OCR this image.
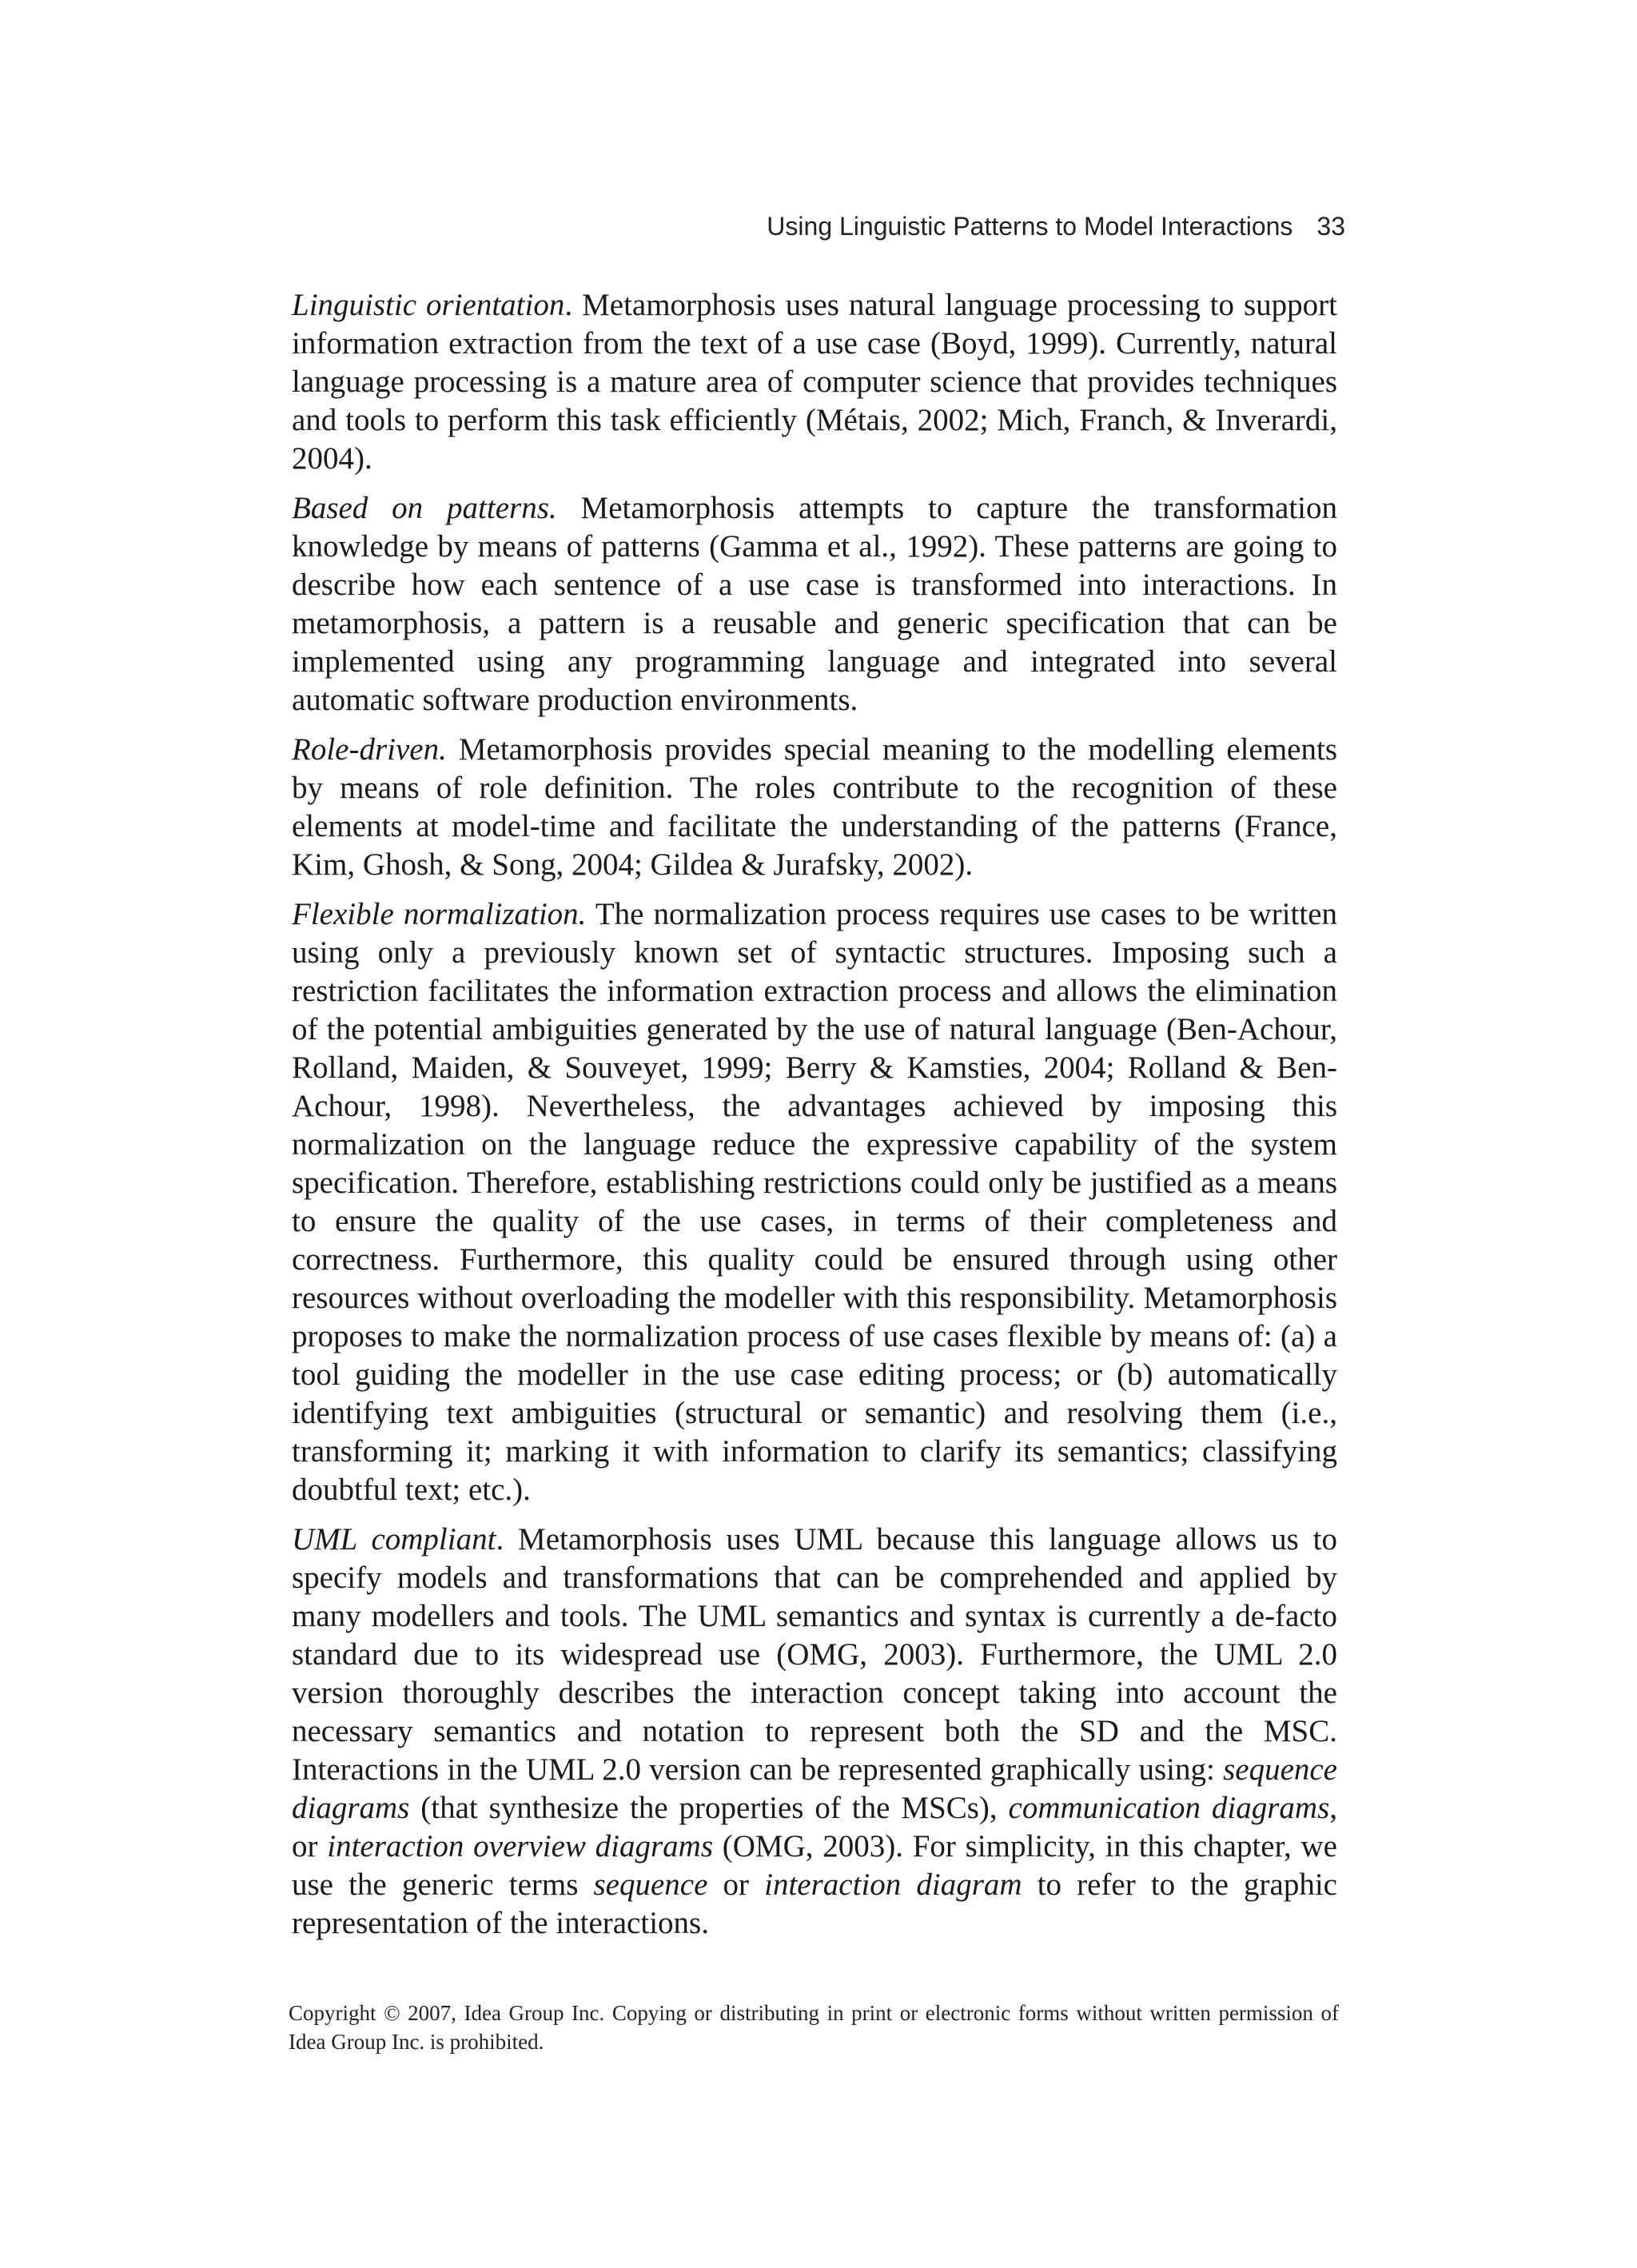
Using Linguistic Patterns to Model Interactions 33

Linguistic orientation. Metamorphosis uses natural language processing to support information extraction from the text of a use case (Boyd, 1999). Currently, natural language processing is a mature area of computer science that provides techniques and tools to perform this task efficiently (Métais, 2002; Mich, Franch, & Inverardi, 2004).

Based on patterns. Metamorphosis attempts to capture the transformation knowledge by means of patterns (Gamma et al., 1992). These patterns are going to describe how each sentence of a use case is transformed into interactions. In metamorphosis, a pattern is a reusable and generic specification that can be implemented using any programming language and integrated into several automatic software production environments.

Role-driven. Metamorphosis provides special meaning to the modelling elements by means of role definition. The roles contribute to the recognition of these elements at model-time and facilitate the understanding of the patterns (France, Kim, Ghosh, & Song, 2004; Gildea & Jurafsky, 2002).

Flexible normalization. The normalization process requires use cases to be written using only a previously known set of syntactic structures. Imposing such a restriction facilitates the information extraction process and allows the elimination of the potential ambiguities generated by the use of natural language (Ben-Achour, Rolland, Maiden, & Souveyet, 1999; Berry & Kamsties, 2004; Rolland & Ben-Achour, 1998). Nevertheless, the advantages achieved by imposing this normalization on the language reduce the expressive capability of the system specification. Therefore, establishing restrictions could only be justified as a means to ensure the quality of the use cases, in terms of their completeness and correctness. Furthermore, this quality could be ensured through using other resources without overloading the modeller with this responsibility. Metamorphosis proposes to make the normalization process of use cases flexible by means of: (a) a tool guiding the modeller in the use case editing process; or (b) automatically identifying text ambiguities (structural or semantic) and resolving them (i.e., transforming it; marking it with information to clarify its semantics; classifying doubtful text; etc.).

UML compliant. Metamorphosis uses UML because this language allows us to specify models and transformations that can be comprehended and applied by many modellers and tools. The UML semantics and syntax is currently a de-facto standard due to its widespread use (OMG, 2003). Furthermore, the UML 2.0 version thoroughly describes the interaction concept taking into account the necessary semantics and notation to represent both the SD and the MSC. Interactions in the UML 2.0 version can be represented graphically using: sequence diagrams (that synthesize the properties of the MSCs), communication diagrams, or interaction overview diagrams (OMG, 2003). For simplicity, in this chapter, we use the generic terms sequence or interaction diagram to refer to the graphic representation of the interactions.

Copyright © 2007, Idea Group Inc. Copying or distributing in print or electronic forms without written permission of Idea Group Inc. is prohibited.
